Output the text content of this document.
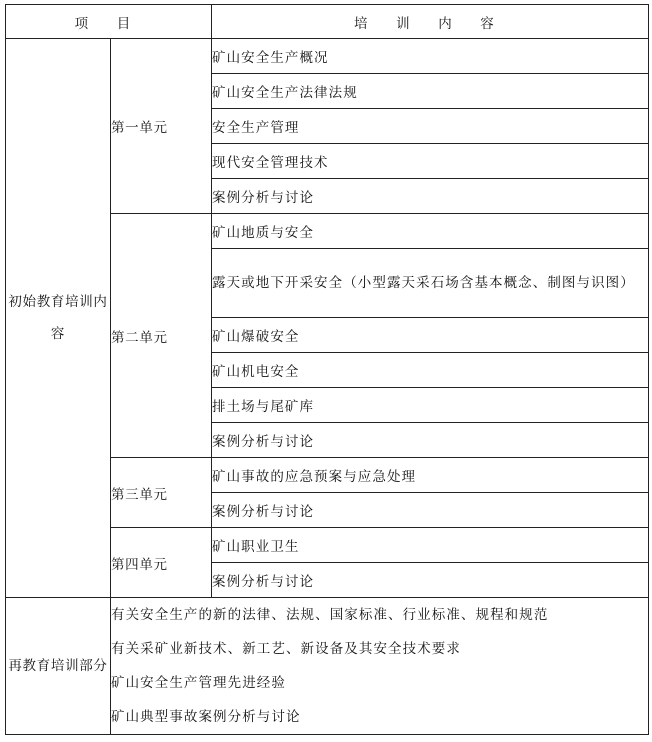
项 目		培 训 内 容
初始教育培训内容	第一单元	矿山安全生产概况
		矿山安全生产法律法规
		安全生产管理
		现代安全管理技术
		案例分析与讨论
	第二单元	矿山地质与安全
		露天或地下开采安全（小型露天采石场含基本概念、制图与识图）
		矿山爆破安全
		矿山机电安全
		排土场与尾矿库
		案例分析与讨论
	第三单元	矿山事故的应急预案与应急处理
		案例分析与讨论
	第四单元	矿山职业卫生
		案例分析与讨论
再教育培训部分	有关安全生产的新的法律、法规、国家标准、行业标准、规程和规范
有关采矿业新技术、新工艺、新设备及其安全技术要求
矿山安全生产管理先进经验
矿山典型事故案例分析与讨论	
